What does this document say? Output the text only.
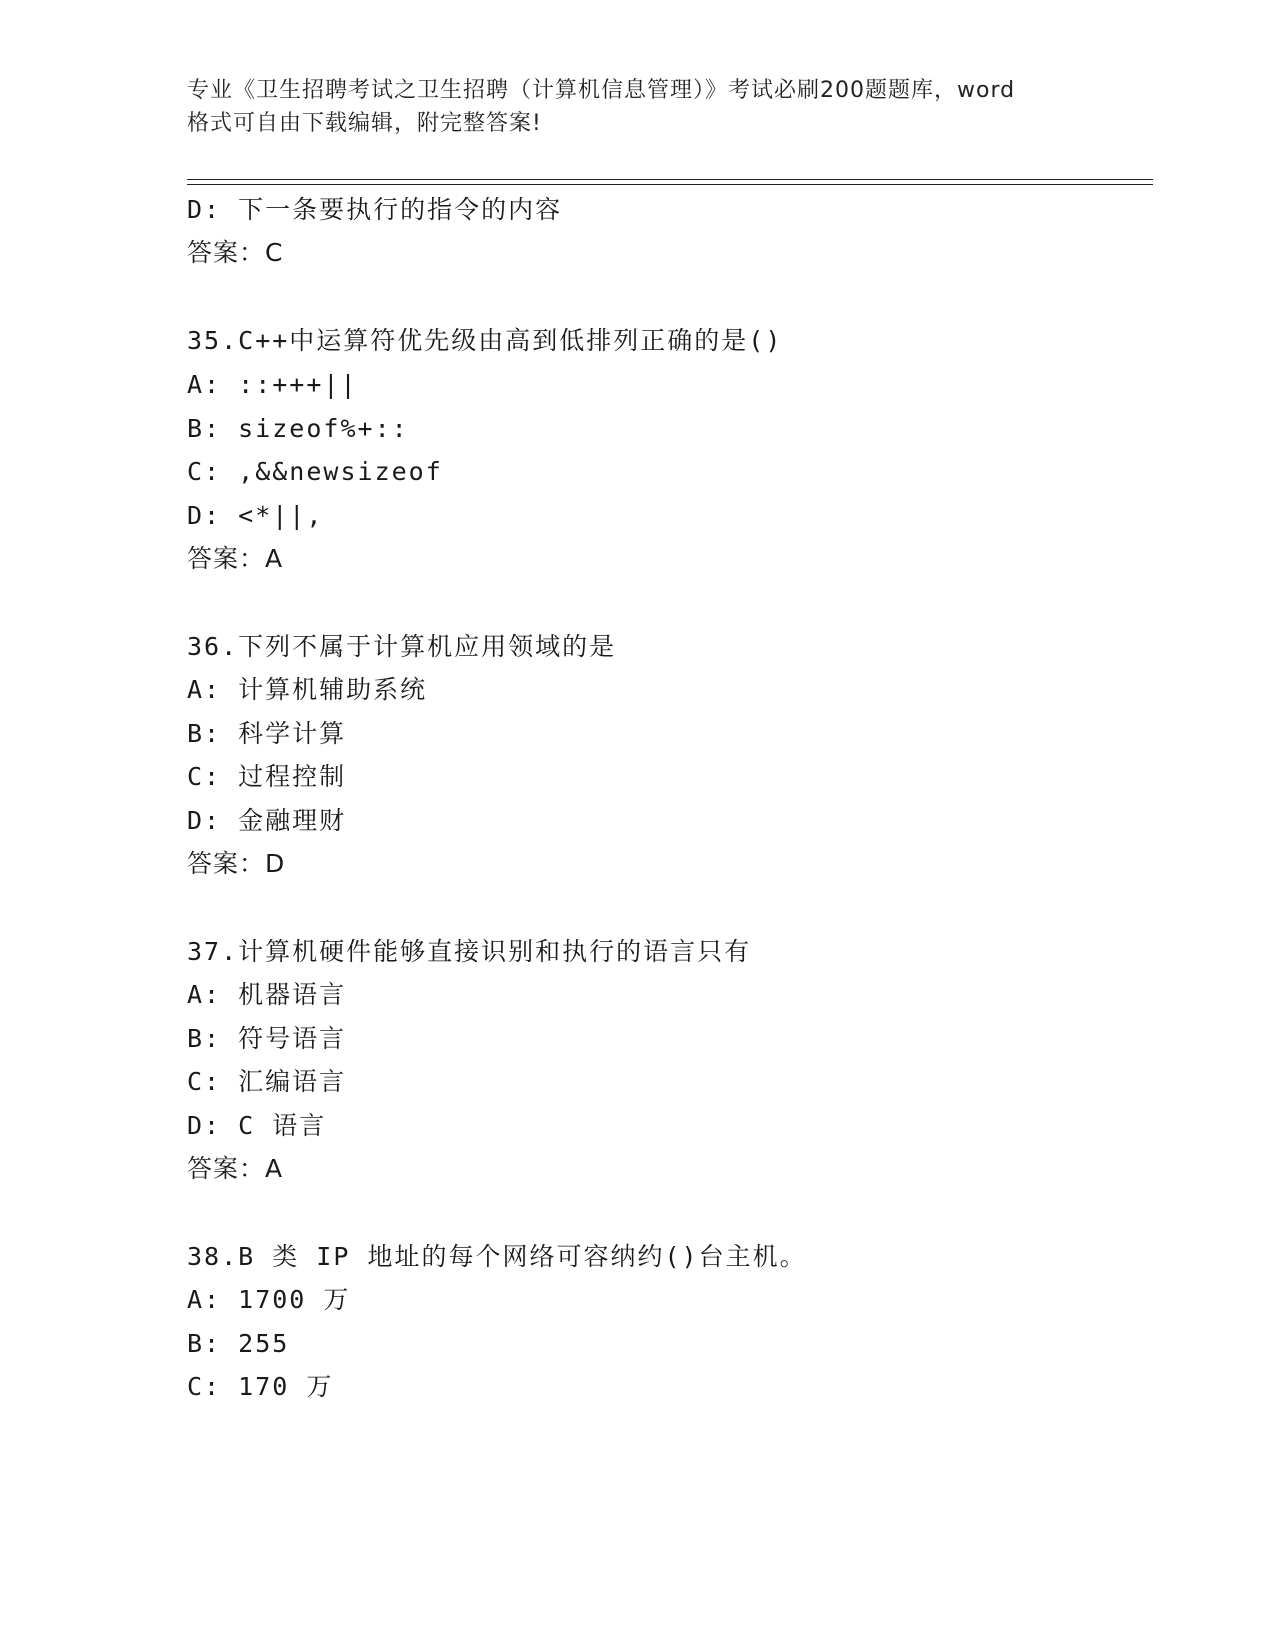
专业《卫生招聘考试之卫生招聘（计算机信息管理）》考试必刷200题题库，word
格式可自由下载编辑，附完整答案!
D: 下一条要执行的指令的内容
答案：C
35.C++中运算符优先级由高到低排列正确的是()
A: ::+++||
B: sizeof%+::
C: ,&&newsizeof
D: <*||,
答案：A
36.下列不属于计算机应用领域的是
A: 计算机辅助系统
B: 科学计算
C: 过程控制
D: 金融理财
答案：D
37.计算机硬件能够直接识别和执行的语言只有
A: 机器语言
B: 符号语言
C: 汇编语言
D: C 语言
答案：A
38.B 类 IP 地址的每个网络可容纳约()台主机。
A: 1700 万
B: 255
C: 170 万
